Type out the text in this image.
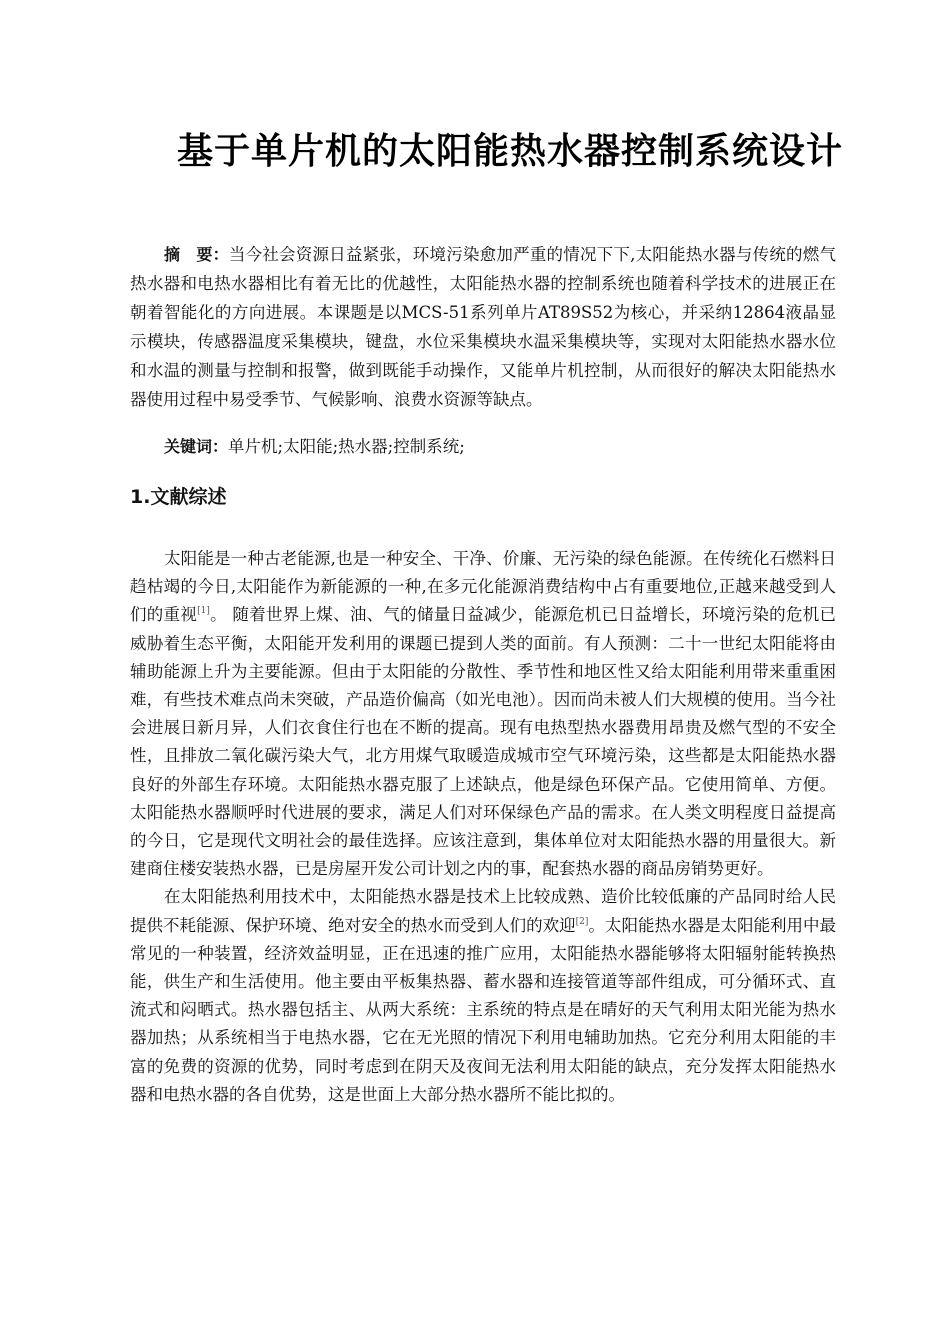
基于单片机的太阳能热水器控制系统设计
摘　要：当今社会资源日益紧张，环境污染愈加严重的情况下下,太阳能热水器与传统的燃气热水器和电热水器相比有着无比的优越性，太阳能热水器的控制系统也随着科学技术的进展正在朝着智能化的方向进展。本课题是以MCS-51系列单片AT89S52为核心，并采纳12864液晶显示模块，传感器温度采集模块，键盘，水位采集模块水温采集模块等，实现对太阳能热水器水位和水温的测量与控制和报警，做到既能手动操作，又能单片机控制，从而很好的解决太阳能热水器使用过程中易受季节、气候影响、浪费水资源等缺点。
关键词：单片机;太阳能;热水器;控制系统;
1.文献综述

太阳能是一种古老能源,也是一种安全、干净、价廉、无污染的绿色能源。在传统化石燃料日趋枯竭的今日,太阳能作为新能源的一种,在多元化能源消费结构中占有重要地位,正越来越受到人们的重视[1]。 随着世界上煤、油、气的储量日益减少，能源危机已日益增长，环境污染的危机已威胁着生态平衡，太阳能开发利用的课题已提到人类的面前。有人预测：二十一世纪太阳能将由辅助能源上升为主要能源。但由于太阳能的分散性、季节性和地区性又给太阳能利用带来重重困难，有些技术难点尚未突破，产品造价偏高（如光电池）。因而尚未被人们大规模的使用。当今社会进展日新月异，人们衣食住行也在不断的提高。现有电热型热水器费用昂贵及燃气型的不安全性，且排放二氧化碳污染大气，北方用煤气取暖造成城市空气环境污染，这些都是太阳能热水器良好的外部生存环境。太阳能热水器克服了上述缺点，他是绿色环保产品。它使用简单、方便。太阳能热水器顺呼时代进展的要求，满足人们对环保绿色产品的需求。在人类文明程度日益提高的今日，它是现代文明社会的最佳选择。应该注意到，集体单位对太阳能热水器的用量很大。新建商住楼安装热水器，已是房屋开发公司计划之内的事，配套热水器的商品房销势更好。

在太阳能热利用技术中，太阳能热水器是技术上比较成熟、造价比较低廉的产品同时给人民提供不耗能源、保护环境、绝对安全的热水而受到人们的欢迎[2]。太阳能热水器是太阳能利用中最常见的一种装置，经济效益明显，正在迅速的推广应用，太阳能热水器能够将太阳辐射能转换热能，供生产和生活使用。他主要由平板集热器、蓄水器和连接管道等部件组成，可分循环式、直流式和闷晒式。热水器包括主、从两大系统：主系统的特点是在晴好的天气利用太阳光能为热水器加热；从系统相当于电热水器，它在无光照的情况下利用电辅助加热。它充分利用太阳能的丰富的免费的资源的优势，同时考虑到在阴天及夜间无法利用太阳能的缺点，充分发挥太阳能热水器和电热水器的各自优势，这是世面上大部分热水器所不能比拟的。
